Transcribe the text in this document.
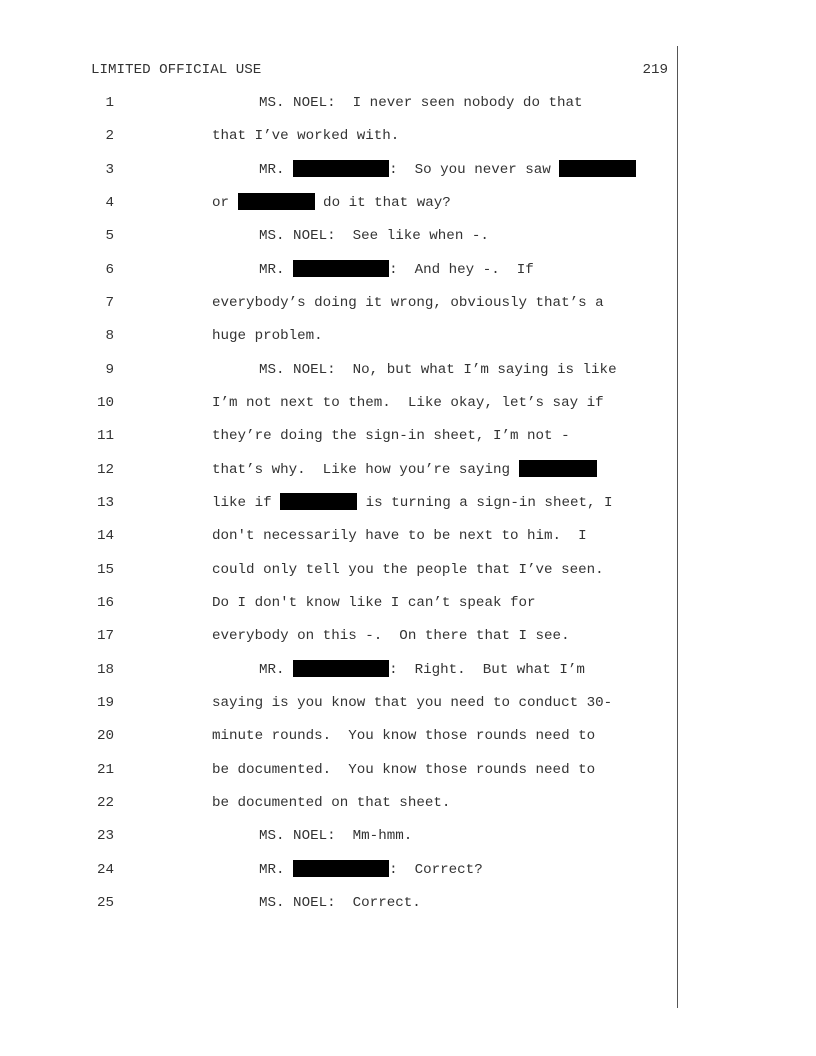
LIMITED OFFICIAL USE	219
1	MS. NOEL:  I never seen nobody do that
2	that I’ve worked with.
3	MR.	:  So you never saw
4	or	do it that way?
5	MS. NOEL:  See like when -.
6	MR.	:  And hey -.  If
7	everybody’s doing it wrong, obviously that’s a
8	huge problem.
9	MS. NOEL:  No, but what I’m saying is like
10	I’m not next to them.  Like okay, let’s say if
11	they’re doing the sign-in sheet, I’m not -
12	that’s why.  Like how you’re saying
13	like if	is turning a sign-in sheet, I
14	don't necessarily have to be next to him.  I
15	could only tell you the people that I’ve seen.
16	Do I don't know like I can’t speak for
17	everybody on this -.  On there that I see.
18	MR.	:  Right.  But what I’m
19	saying is you know that you need to conduct 30-
20	minute rounds.  You know those rounds need to
21	be documented.  You know those rounds need to
22	be documented on that sheet.
23	MS. NOEL:  Mm-hmm.
24	MR.	:  Correct?
25	MS. NOEL:  Correct.
